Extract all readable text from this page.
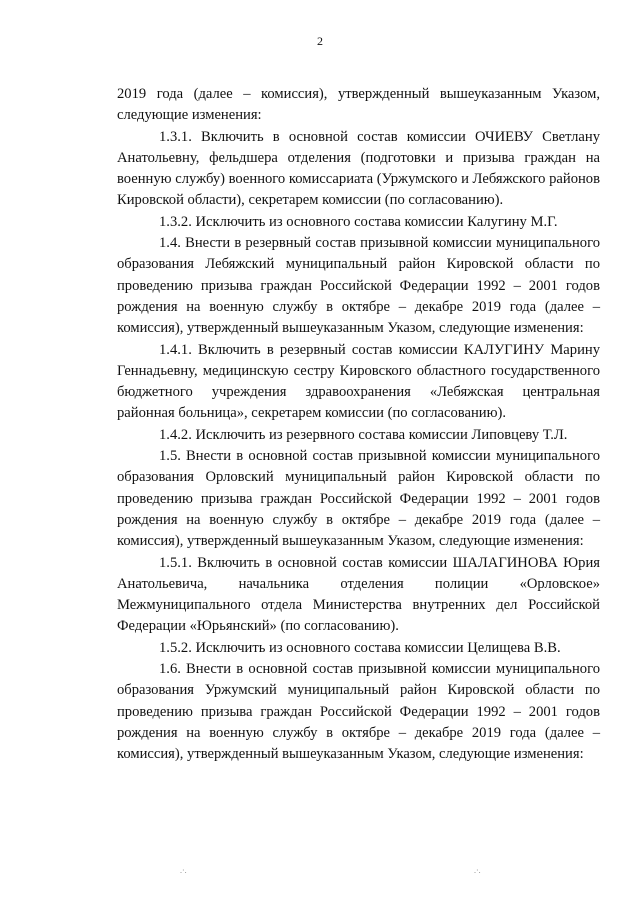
2

2019 года (далее – комиссия), утвержденный вышеуказанным Указом, следующие изменения:

1.3.1. Включить в основной состав комиссии ОЧИЕВУ Светлану Анатольевну, фельдшера отделения (подготовки и призыва граждан на военную службу) военного комиссариата (Уржумского и Лебяжского районов Кировской области), секретарем комиссии (по согласованию).

1.3.2. Исключить из основного состава комиссии Калугину М.Г.

1.4. Внести в резервный состав призывной комиссии муниципального образования Лебяжский муниципальный район Кировской области по проведению призыва граждан Российской Федерации 1992 – 2001 годов рождения на военную службу в октябре – декабре 2019 года (далее – комиссия), утвержденный вышеуказанным Указом, следующие изменения:

1.4.1. Включить в резервный состав комиссии КАЛУГИНУ Марину Геннадьевну, медицинскую сестру Кировского областного государственного бюджетного учреждения здравоохранения «Лебяжская центральная районная больница», секретарем комиссии (по согласованию).

1.4.2. Исключить из резервного состава комиссии Липовцеву Т.Л.

1.5. Внести в основной состав призывной комиссии муниципального образования Орловский муниципальный район Кировской области по проведению призыва граждан Российской Федерации 1992 – 2001 годов рождения на военную службу в октябре – декабре 2019 года (далее – комиссия), утвержденный вышеуказанным Указом, следующие изменения:

1.5.1. Включить в основной состав комиссии ШАЛАГИНОВА Юрия Анатольевича, начальника отделения полиции «Орловское» Межмуниципального отдела Министерства внутренних дел Российской Федерации «Юрьянский» (по согласованию).

1.5.2. Исключить из основного состава комиссии Целищева В.В.

1.6. Внести в основной состав призывной комиссии муниципального образования Уржумский муниципальный район Кировской области по проведению призыва граждан Российской Федерации 1992 – 2001 годов рождения на военную службу в октябре – декабре 2019 года (далее – комиссия), утвержденный вышеуказанным Указом, следующие изменения:

.·.	.·.
